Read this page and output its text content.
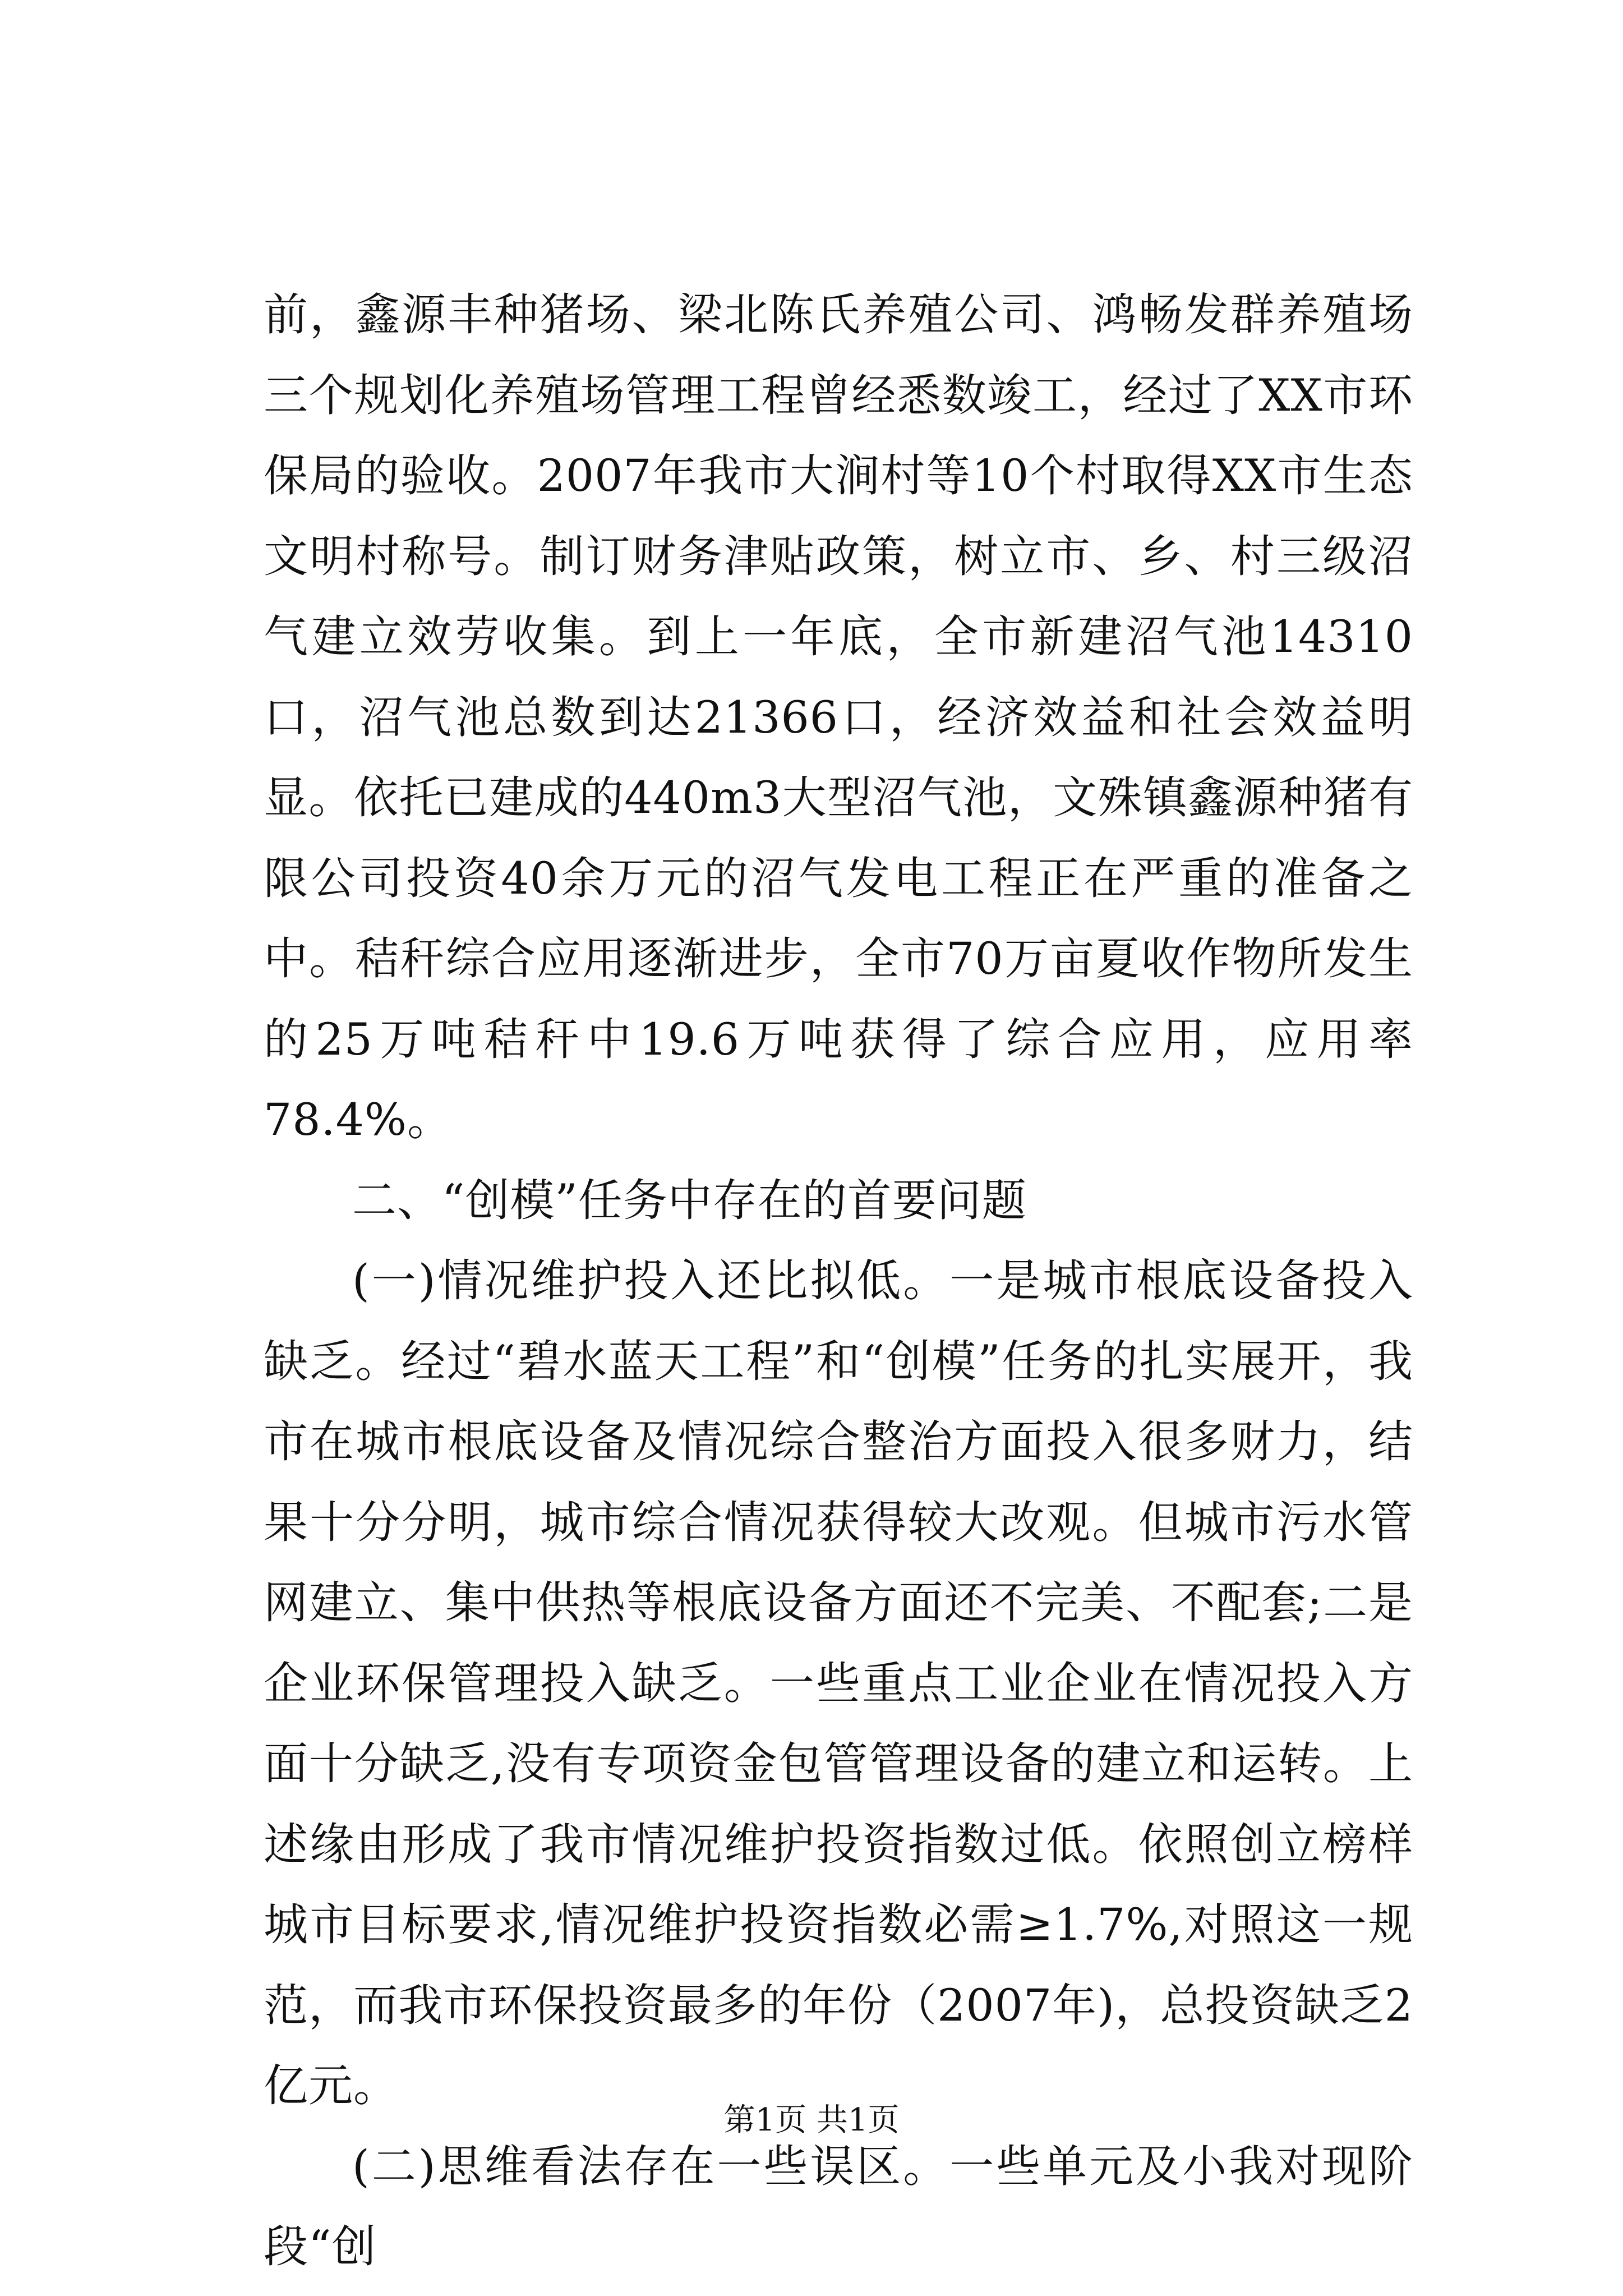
前，鑫源丰种猪场、梁北陈氏养殖公司、鸿畅发群养殖场三个规划化养殖场管理工程曾经悉数竣工，经过了XX市环保局的验收。2007年我市大涧村等10个村取得XX市生态文明村称号。制订财务津贴政策，树立市、乡、村三级沼气建立效劳收集。到上一年底，全市新建沼气池14310口，沼气池总数到达21366口，经济效益和社会效益明显。依托已建成的440m3大型沼气池，文殊镇鑫源种猪有限公司投资40余万元的沼气发电工程正在严重的准备之中。秸秆综合应用逐渐进步，全市70万亩夏收作物所发生的25万吨秸秆中19.6万吨获得了综合应用，应用率78.4%。

二、“创模”任务中存在的首要问题

(一)情况维护投入还比拟低。一是城市根底设备投入缺乏。经过“碧水蓝天工程”和“创模”任务的扎实展开，我市在城市根底设备及情况综合整治方面投入很多财力，结果十分分明，城市综合情况获得较大改观。但城市污水管网建立、集中供热等根底设备方面还不完美、不配套;二是企业环保管理投入缺乏。一些重点工业企业在情况投入方面十分缺乏,没有专项资金包管管理设备的建立和运转。上述缘由形成了我市情况维护投资指数过低。依照创立榜样城市目标要求,情况维护投资指数必需≥1.7%,对照这一规范，而我市环保投资最多的年份（2007年)，总投资缺乏2亿元。

(二)思维看法存在一些误区。一些单元及小我对现阶段“创

第1页 共1页
